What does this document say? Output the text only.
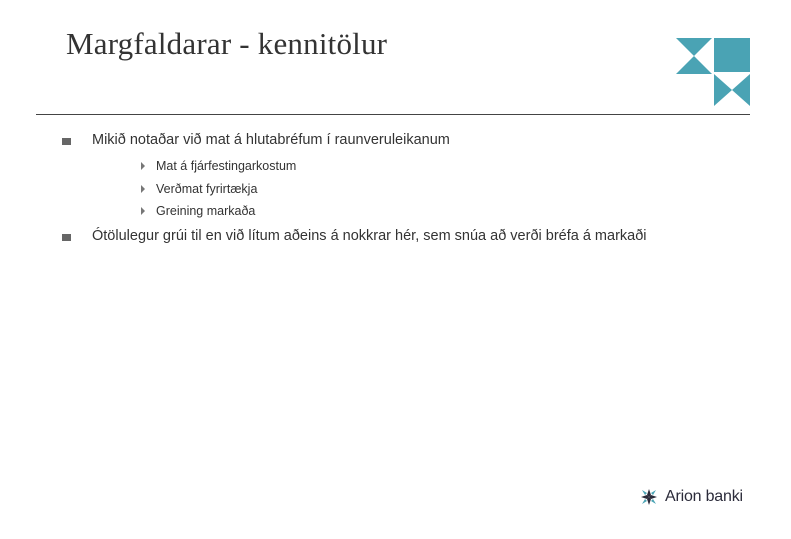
Margfaldarar - kennitölur
Mikið notaðar við mat á hlutabréfum í raunveruleikanum
Mat á fjárfestingarkostum
Verðmat fyrirtækja
Greining markaða
Ótölulegur grúi til en við lítum aðeins á nokkrar hér, sem snúa að verði bréfa á markaði
Arion banki
